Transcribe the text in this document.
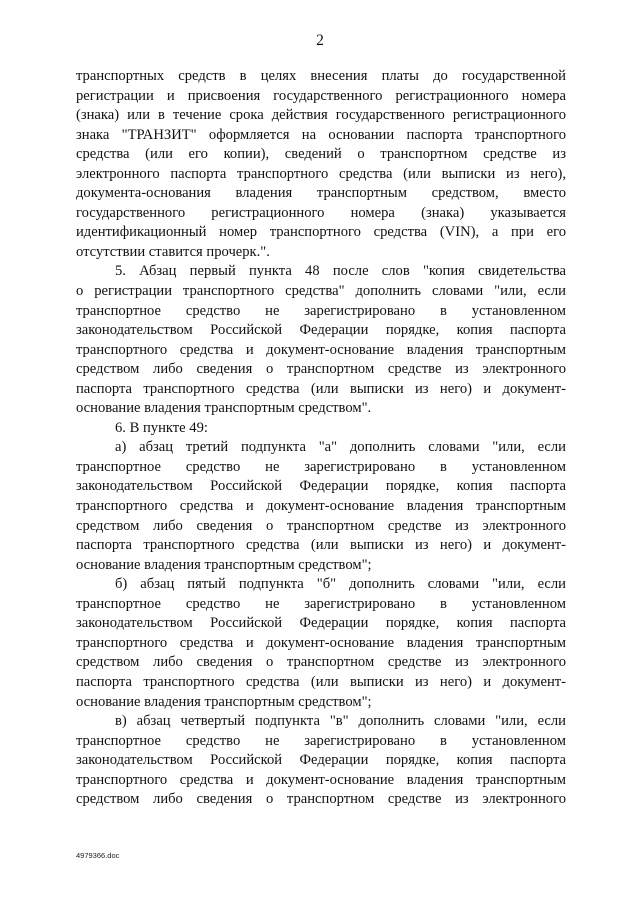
2
транспортных средств в целях внесения платы до государственной
регистрации и присвоения государственного регистрационного номера
(знака) или в течение срока действия государственного регистрационного
знака "ТРАНЗИТ" оформляется на основании паспорта транспортного
средства (или его копии), сведений о транспортном средстве из
электронного паспорта транспортного средства (или выписки из него),
документа-основания владения транспортным средством, вместо
государственного регистрационного номера (знака) указывается
идентификационный номер транспортного средства (VIN), а при его
отсутствии ставится прочерк.".
5. Абзац первый пункта 48 после слов "копия свидетельства
о регистрации транспортного средства" дополнить словами "или, если
транспортное средство не зарегистрировано в установленном
законодательством Российской Федерации порядке, копия паспорта
транспортного средства и документ-основание владения транспортным
средством либо сведения о транспортном средстве из электронного
паспорта транспортного средства (или выписки из него) и документ-
основание владения транспортным средством".
6. В пункте 49:
а) абзац третий подпункта "а" дополнить словами "или, если
транспортное средство не зарегистрировано в установленном
законодательством Российской Федерации порядке, копия паспорта
транспортного средства и документ-основание владения транспортным
средством либо сведения о транспортном средстве из электронного
паспорта транспортного средства (или выписки из него) и документ-
основание владения транспортным средством";
б) абзац пятый подпункта "б" дополнить словами "или, если
транспортное средство не зарегистрировано в установленном
законодательством Российской Федерации порядке, копия паспорта
транспортного средства и документ-основание владения транспортным
средством либо сведения о транспортном средстве из электронного
паспорта транспортного средства (или выписки из него) и документ-
основание владения транспортным средством";
в) абзац четвертый подпункта "в" дополнить словами "или, если
транспортное средство не зарегистрировано в установленном
законодательством Российской Федерации порядке, копия паспорта
транспортного средства и документ-основание владения транспортным
средством либо сведения о транспортном средстве из электронного
4979366.doc
